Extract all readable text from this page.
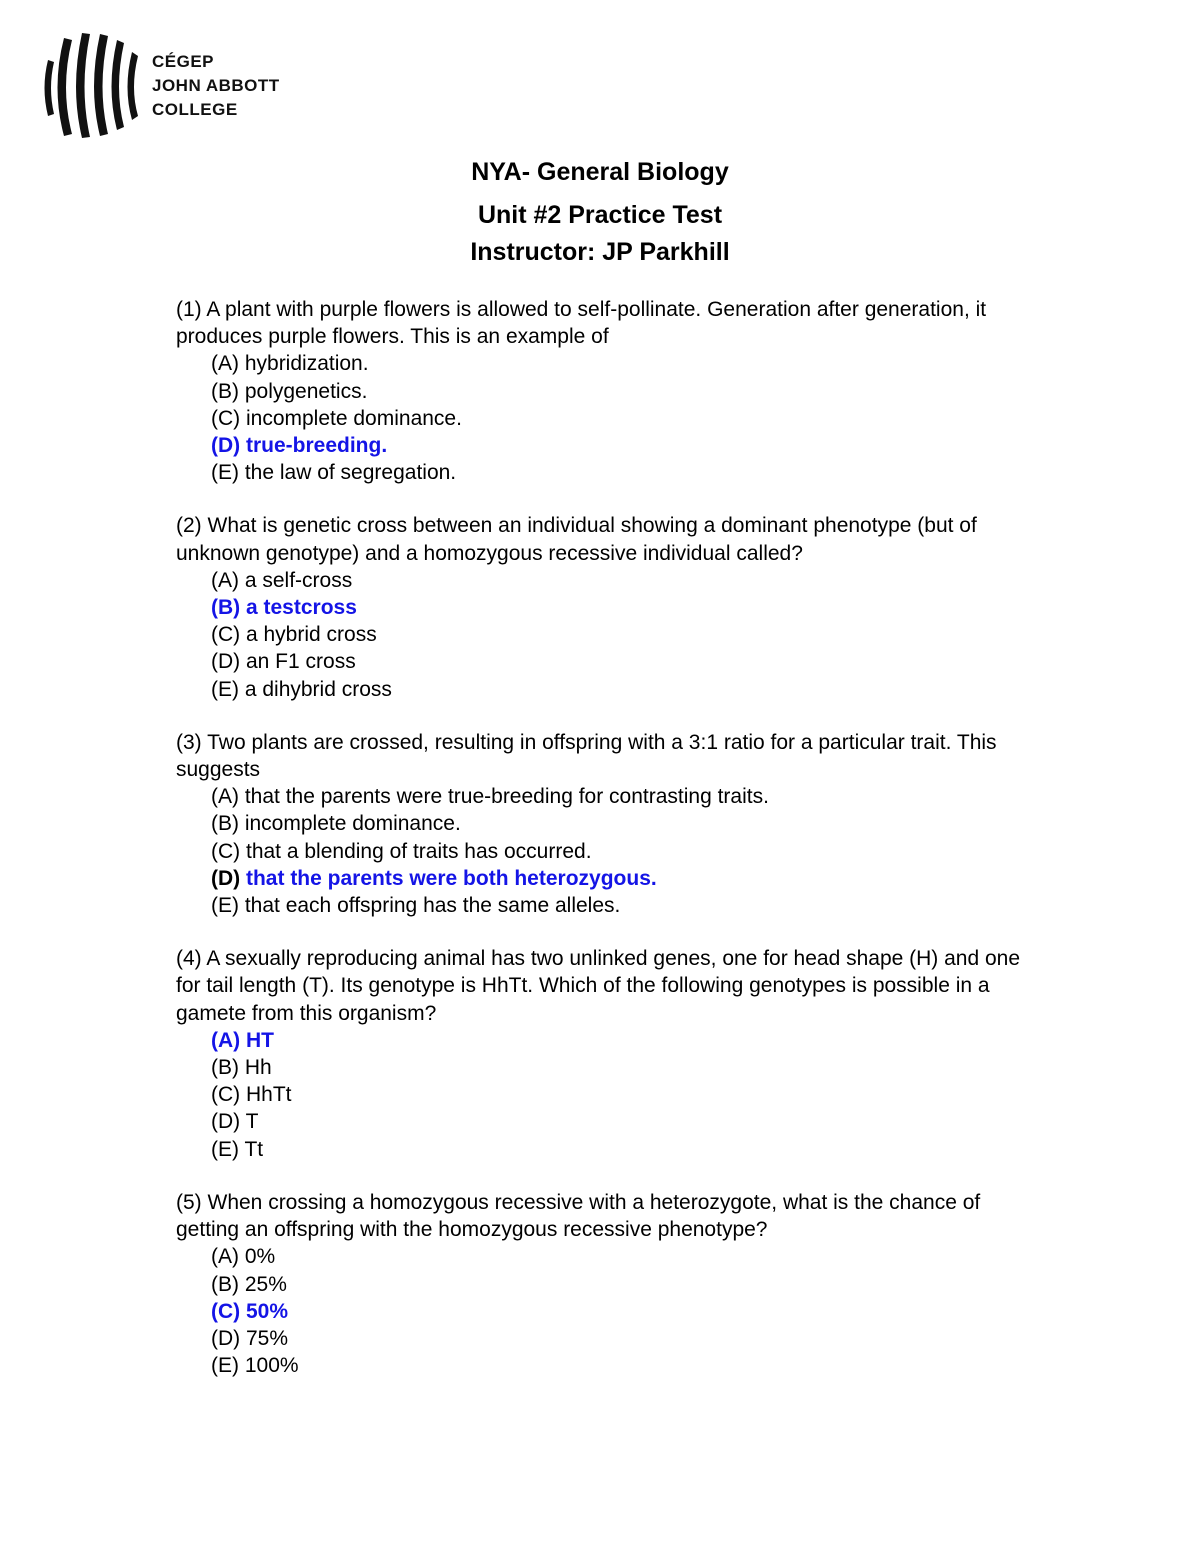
CÉGEP
JOHN ABBOTT
COLLEGE
NYA- General Biology
Unit #2 Practice Test
Instructor: JP Parkhill
(1) A plant with purple flowers is allowed to self-pollinate. Generation after generation, it produces purple flowers. This is an example of
(A) hybridization.
(B) polygenetics.
(C) incomplete dominance.
(D) true-breeding.
(E) the law of segregation.
(2) What is genetic cross between an individual showing a dominant phenotype (but of unknown genotype) and a homozygous recessive individual called?
(A) a self-cross
(B) a testcross
(C) a hybrid cross
(D) an F1 cross
(E) a dihybrid cross
(3) Two plants are crossed, resulting in offspring with a 3:1 ratio for a particular trait. This suggests
(A) that the parents were true-breeding for contrasting traits.
(B) incomplete dominance.
(C) that a blending of traits has occurred.
(D) that the parents were both heterozygous.
(E) that each offspring has the same alleles.
(4) A sexually reproducing animal has two unlinked genes, one for head shape (H) and one for tail length (T). Its genotype is HhTt. Which of the following genotypes is possible in a gamete from this organism?
(A) HT
(B) Hh
(C) HhTt
(D) T
(E) Tt
(5) When crossing a homozygous recessive with a heterozygote, what is the chance of getting an offspring with the homozygous recessive phenotype?
(A) 0%
(B) 25%
(C) 50%
(D) 75%
(E) 100%
